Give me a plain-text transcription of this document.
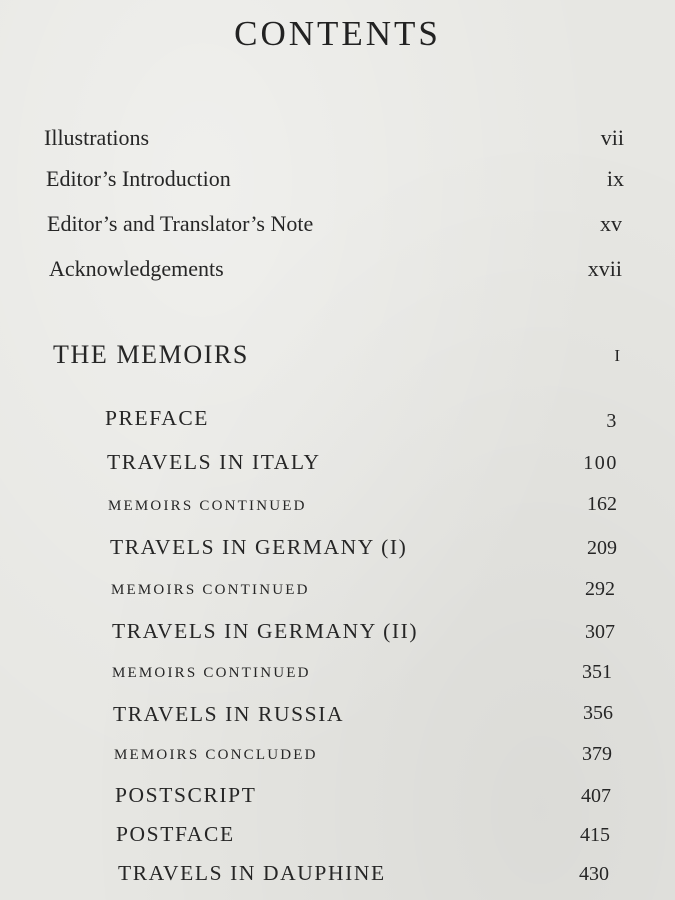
CONTENTS
Illustrations	vii
Editor’s Introduction	ix
Editor’s and Translator’s Note	xv
Acknowledgements	xvii
THE MEMOIRS	I
PREFACE	3
TRAVELS IN ITALY	100
MEMOIRS CONTINUED	162
TRAVELS IN GERMANY (I)	209
MEMOIRS CONTINUED	292
TRAVELS IN GERMANY (II)	307
MEMOIRS CONTINUED	351
TRAVELS IN RUSSIA	356
MEMOIRS CONCLUDED	379
POSTSCRIPT	407
POSTFACE	415
TRAVELS IN DAUPHINE	430
